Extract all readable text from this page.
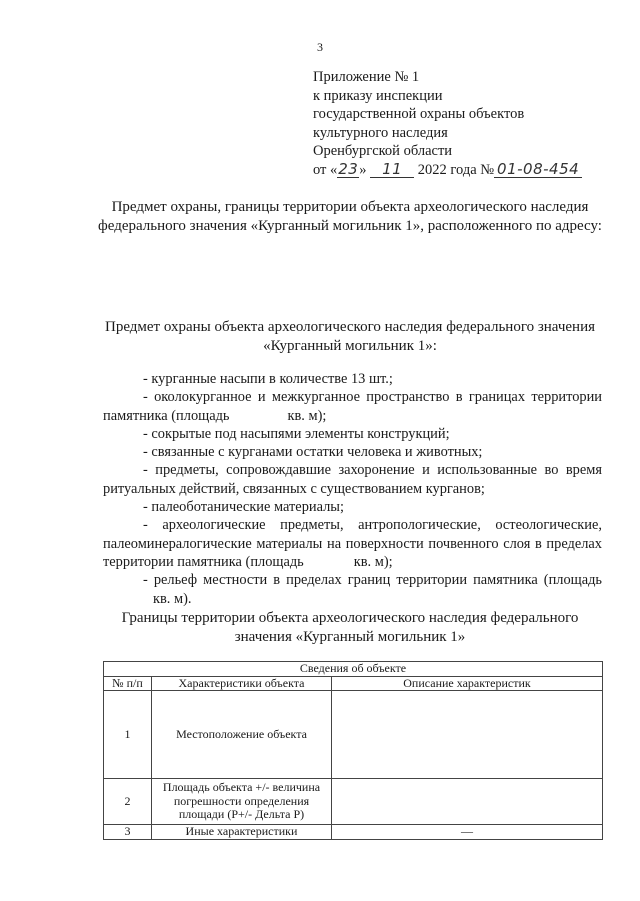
3
Приложение № 1
к приказу инспекции
государственной охраны объектов
культурного наследия
Оренбургской области
от «23» 11 2022 года № 01-08-454
Предмет охраны, границы территории объекта археологического наследия федерального значения «Курганный могильник 1», расположенного по адресу:
Предмет охраны объекта археологического наследия федерального значения «Курганный могильник 1»:

- курганные насыпи в количестве 13 шт.;

- околокурганное и межкурганное пространство в границах территории памятника (площадь	кв. м);

- сокрытые под насыпями элементы конструкций;

- связанные с курганами остатки человека и животных;

- предметы, сопровождавшие захоронение и использованные во время ритуальных действий, связанных с существованием курганов;

- палеоботанические материалы;

- археологические предметы, антропологические, остеологические, палеоминералогические материалы на поверхности почвенного слоя в пределах территории памятника (площадь	кв. м);

- рельеф местности в пределах границ территории памятника (площадькв. м).

Границы территории объекта археологического наследия федерального значения «Курганный могильник 1»
Сведения об объекте		
№ п/п	Характеристики объекта	Описание характеристик
1	Местоположение объекта	
2	Площадь объекта +/- величина погрешности определения площади (P+/- Дельта P)	
3	Иные характеристики	—
